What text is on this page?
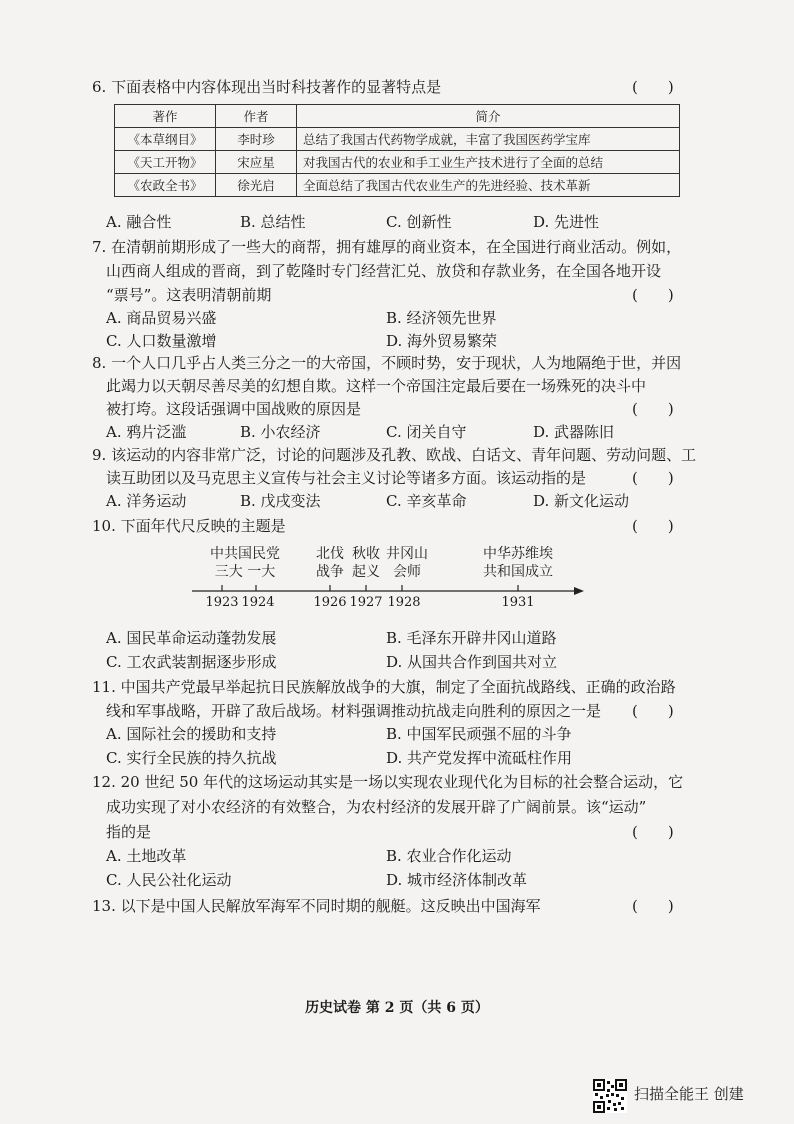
6. 下面表格中内容体现出当时科技著作的显著特点是	(　　)
著作	作者	简介
《本草纲目》	李时珍	总结了我国古代药物学成就，丰富了我国医药学宝库
《天工开物》	宋应星	对我国古代的农业和手工业生产技术进行了全面的总结
《农政全书》	徐光启	全面总结了我国古代农业生产的先进经验、技术革新
A. 融合性	B. 总结性	C. 创新性	D. 先进性
7. 在清朝前期形成了一些大的商帮，拥有雄厚的商业资本，在全国进行商业活动。例如，
山西商人组成的晋商，到了乾隆时专门经营汇兑、放贷和存款业务，在全国各地开设
“票号”。这表明清朝前期	(　　)
A. 商品贸易兴盛	B. 经济领先世界
C. 人口数量激增	D. 海外贸易繁荣
8. 一个人口几乎占人类三分之一的大帝国，不顾时势，安于现状，人为地隔绝于世，并因
此竭力以天朝尽善尽美的幻想自欺。这样一个帝国注定最后要在一场殊死的决斗中
被打垮。这段话强调中国战败的原因是	(　　)
A. 鸦片泛滥	B. 小农经济	C. 闭关自守	D. 武器陈旧
9. 该运动的内容非常广泛，讨论的问题涉及孔教、欧战、白话文、青年问题、劳动问题、工
读互助团以及马克思主义宣传与社会主义讨论等诸多方面。该运动指的是	(　　)
A. 洋务运动	B. 戊戌变法	C. 辛亥革命	D. 新文化运动
10. 下面年代尺反映的主题是	(　　)
中共国民党
三大 一大
北伐
战争
秋收
起义
井冈山
会师
中华苏维埃
共和国成立
1923 1924	1926 1927 1928	1931
A. 国民革命运动蓬勃发展	B. 毛泽东开辟井冈山道路
C. 工农武装割据逐步形成	D. 从国共合作到国共对立
11. 中国共产党最早举起抗日民族解放战争的大旗，制定了全面抗战路线、正确的政治路
线和军事战略，开辟了敌后战场。材料强调推动抗战走向胜利的原因之一是 (　　)
A. 国际社会的援助和支持	B. 中国军民顽强不屈的斗争
C. 实行全民族的持久抗战	D. 共产党发挥中流砥柱作用
12. 20 世纪 50 年代的这场运动其实是一场以实现农业现代化为目标的社会整合运动，它
成功实现了对小农经济的有效整合，为农村经济的发展开辟了广阔前景。该“运动”
指的是	(　　)
A. 土地改革	B. 农业合作化运动
C. 人民公社化运动	D. 城市经济体制改革
13. 以下是中国人民解放军海军不同时期的舰艇。这反映出中国海军	(　　)
历史试卷 第 2 页（共 6 页）
扫描全能王 创建
